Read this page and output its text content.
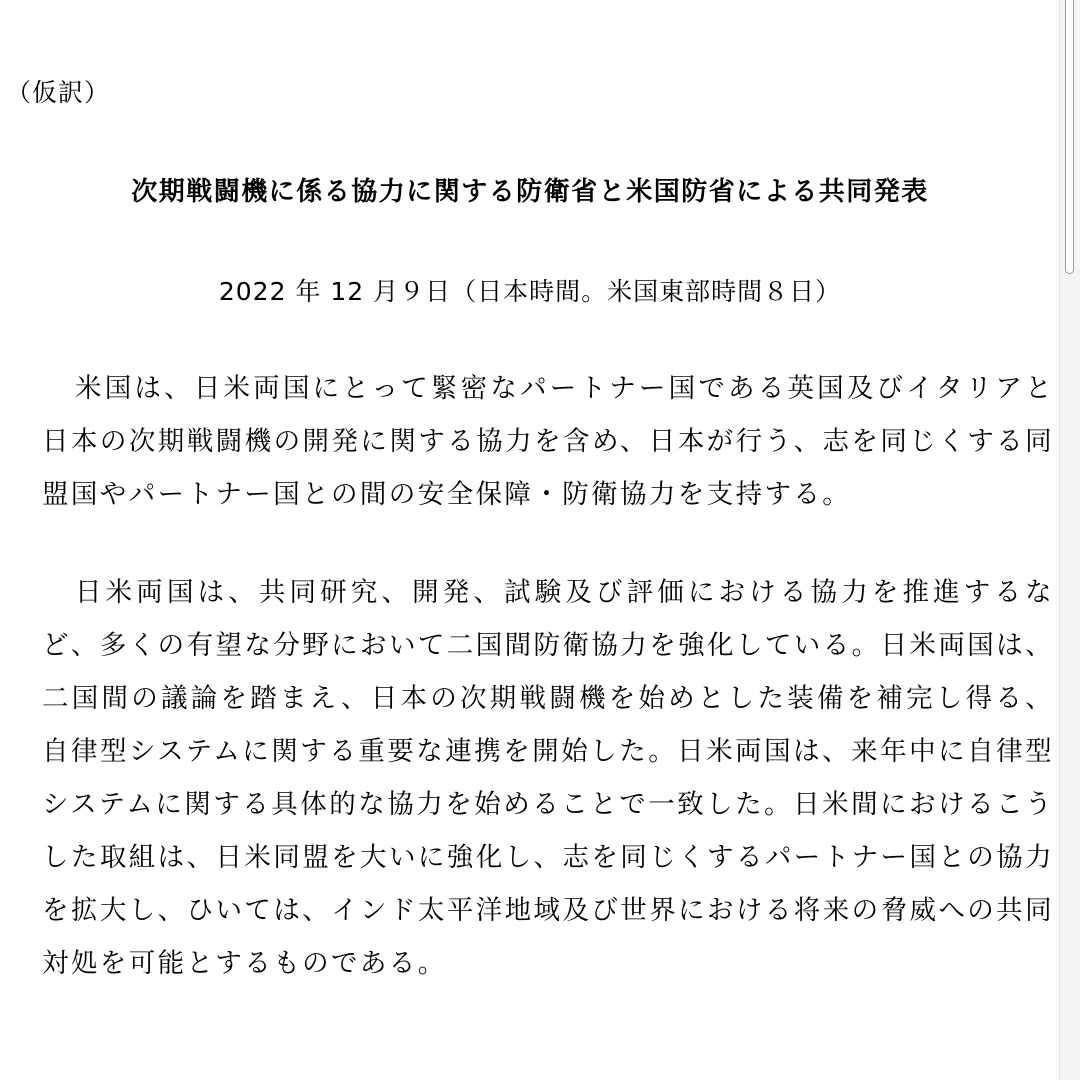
（仮訳）
次期戦闘機に係る協力に関する防衛省と米国防省による共同発表
2022 年 12 月９日（日本時間。米国東部時間８日）

米国は、日米両国にとって緊密なパートナー国である英国及びイタリアと日本の次期戦闘機の開発に関する協力を含め、日本が行う、志を同じくする同盟国やパートナー国との間の安全保障・防衛協力を支持する。

日米両国は、共同研究、開発、試験及び評価における協力を推進するなど、多くの有望な分野において二国間防衛協力を強化している。日米両国は、二国間の議論を踏まえ、日本の次期戦闘機を始めとした装備を補完し得る、自律型システムに関する重要な連携を開始した。日米両国は、来年中に自律型システムに関する具体的な協力を始めることで一致した。日米間におけるこうした取組は、日米同盟を大いに強化し、志を同じくするパートナー国との協力を拡大し、ひいては、インド太平洋地域及び世界における将来の脅威への共同対処を可能とするものである。
